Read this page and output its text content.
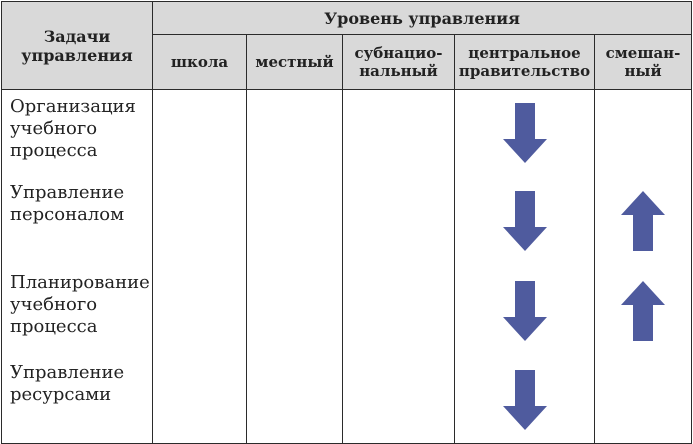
Задачи управления	Уровень управления				
	школа	местный	субнацио-нальный	центральное правительство	смешан-ный
Организация учебного процесса				

Управление персоналом				

Планирование учебного процесса				

Управление ресурсами				
